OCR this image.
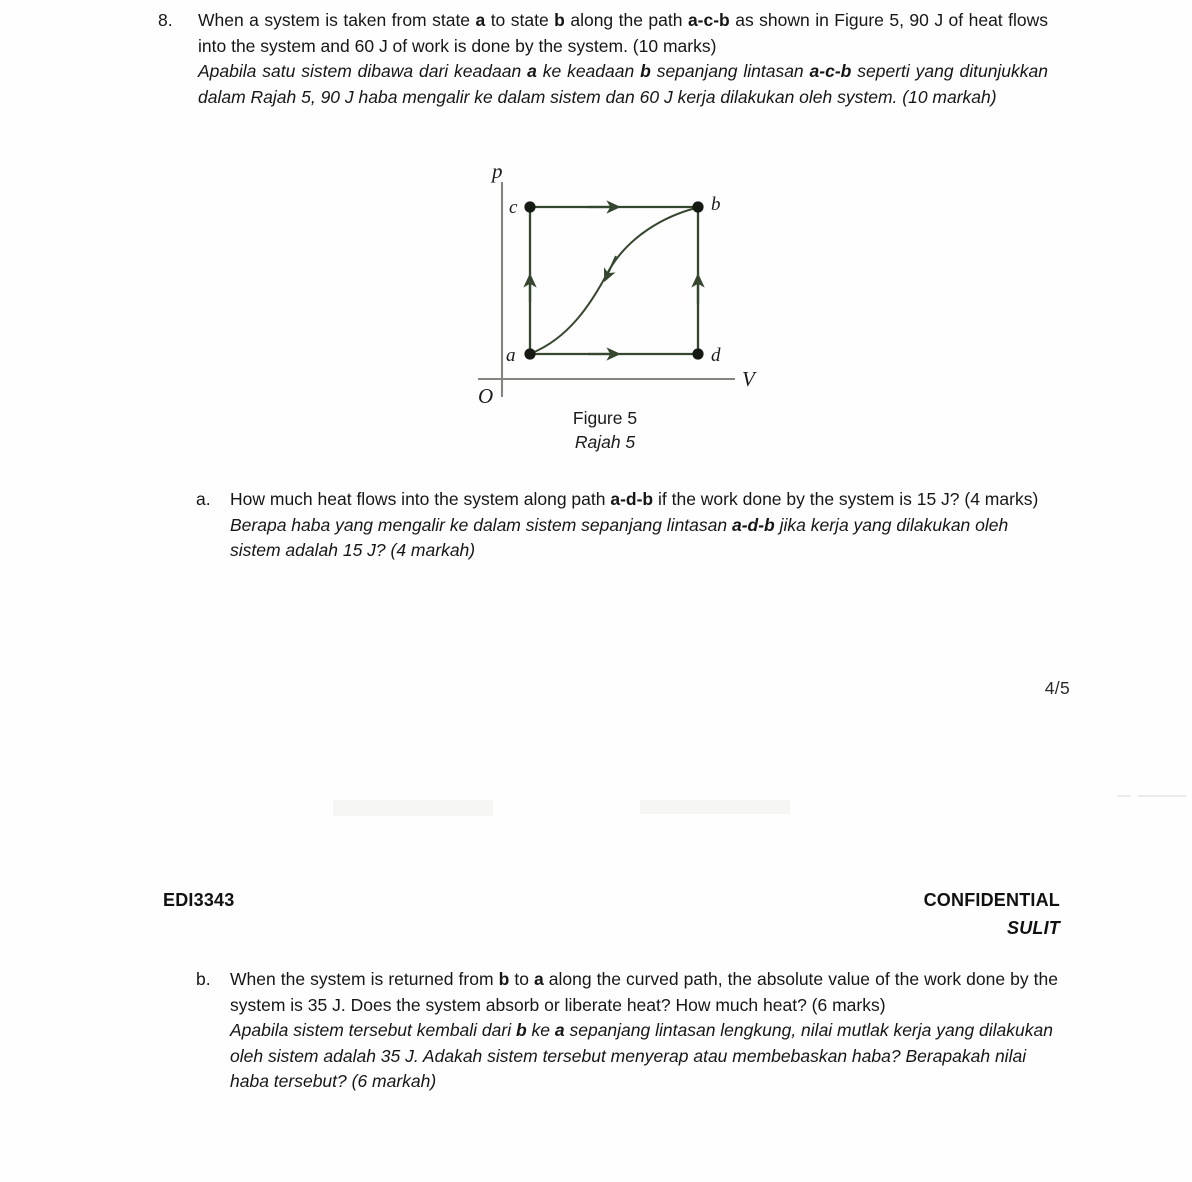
8.	When a system is taken from state a to state b along the path a-c-b as shown in Figure 5, 90 J of heat flows into the system and 60 J of work is done by the system. (10 marks)

Apabila satu sistem dibawa dari keadaan a ke keadaan b sepanjang lintasan a-c-b seperti yang ditunjukkan dalam Rajah 5, 90 J haba mengalir ke dalam sistem dan 60 J kerja dilakukan oleh system. (10 markah)

p
V
O
c	b
a	d
Figure 5
Rajah 5
a.	How much heat flows into the system along path a-d-b if the work done by the system is 15 J? (4 marks)

Berapa haba yang mengalir ke dalam sistem sepanjang lintasan a-d-b jika kerja yang dilakukan oleh sistem adalah 15 J? (4 markah)

4/5
EDI3343	CONFIDENTIAL
SULIT
b.	When the system is returned from b to a along the curved path, the absolute value of the work done by the system is 35 J. Does the system absorb or liberate heat? How much heat? (6 marks)

Apabila sistem tersebut kembali dari b ke a sepanjang lintasan lengkung, nilai mutlak kerja yang dilakukan oleh sistem adalah 35 J. Adakah sistem tersebut menyerap atau membebaskan haba? Berapakah nilai haba tersebut? (6 markah)
